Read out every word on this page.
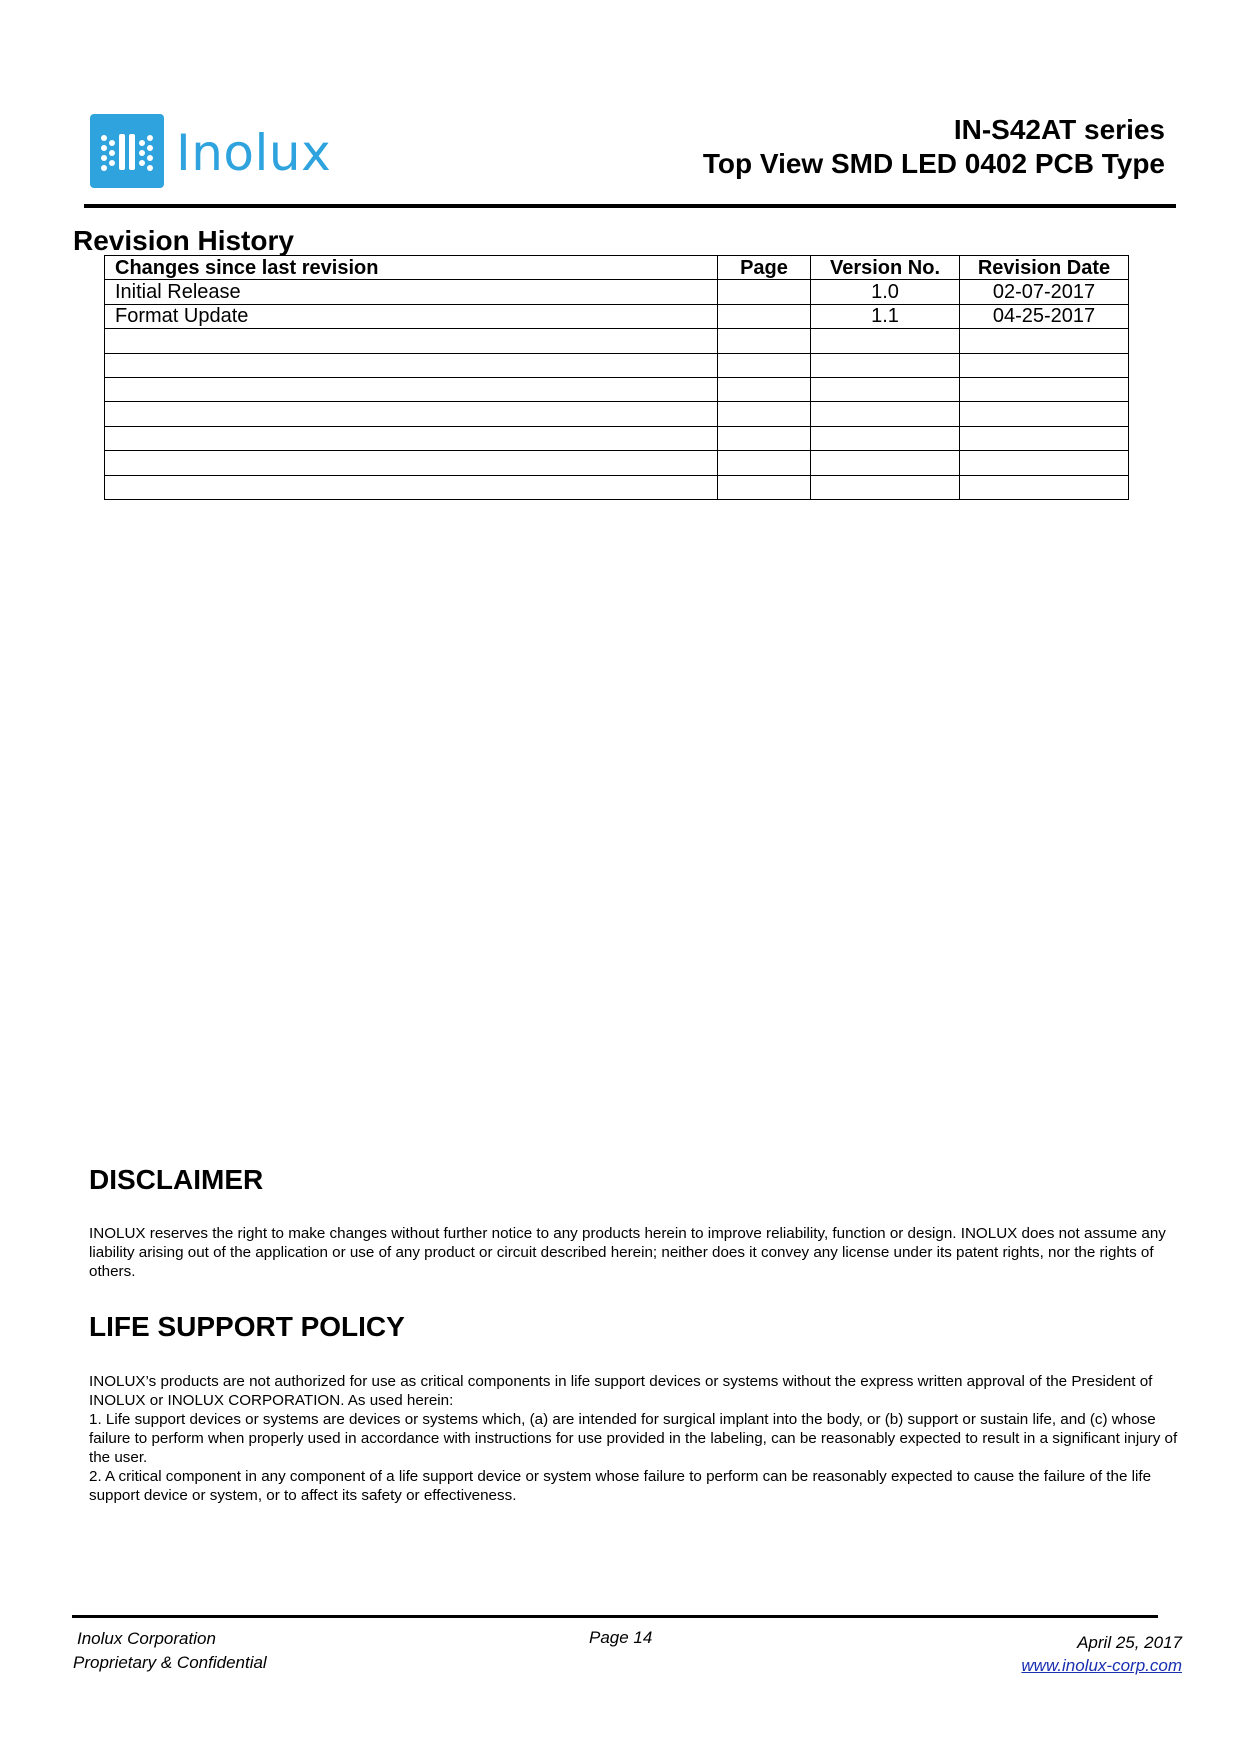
Inolux	IN-S42AT series
Top View SMD LED 0402 PCB Type
Revision History
Changes since last revision	Page	Version No.	Revision Date
Initial Release		1.0	02-07-2017
Format Update		1.1	04-25-2017

DISCLAIMER
INOLUX reserves the right to make changes without further notice to any products herein to improve reliability, function or design. INOLUX does not assume any liability arising out of the application or use of any product or circuit described herein; neither does it convey any license under its patent rights, nor the rights of others.
LIFE SUPPORT POLICY
INOLUX’s products are not authorized for use as critical components in life support devices or systems without the express written approval of the President of INOLUX or INOLUX CORPORATION. As used herein:
1. Life support devices or systems are devices or systems which, (a) are intended for surgical implant into the body, or (b) support or sustain life, and (c) whose failure to perform when properly used in accordance with instructions for use provided in the labeling, can be reasonably expected to result in a significant injury of the user.
2. A critical component in any component of a life support device or system whose failure to perform can be reasonably expected to cause the failure of the life support device or system, or to affect its safety or effectiveness.
Inolux Corporation
Proprietary & Confidential
Page 14	April 25, 2017
www.inolux-corp.com
